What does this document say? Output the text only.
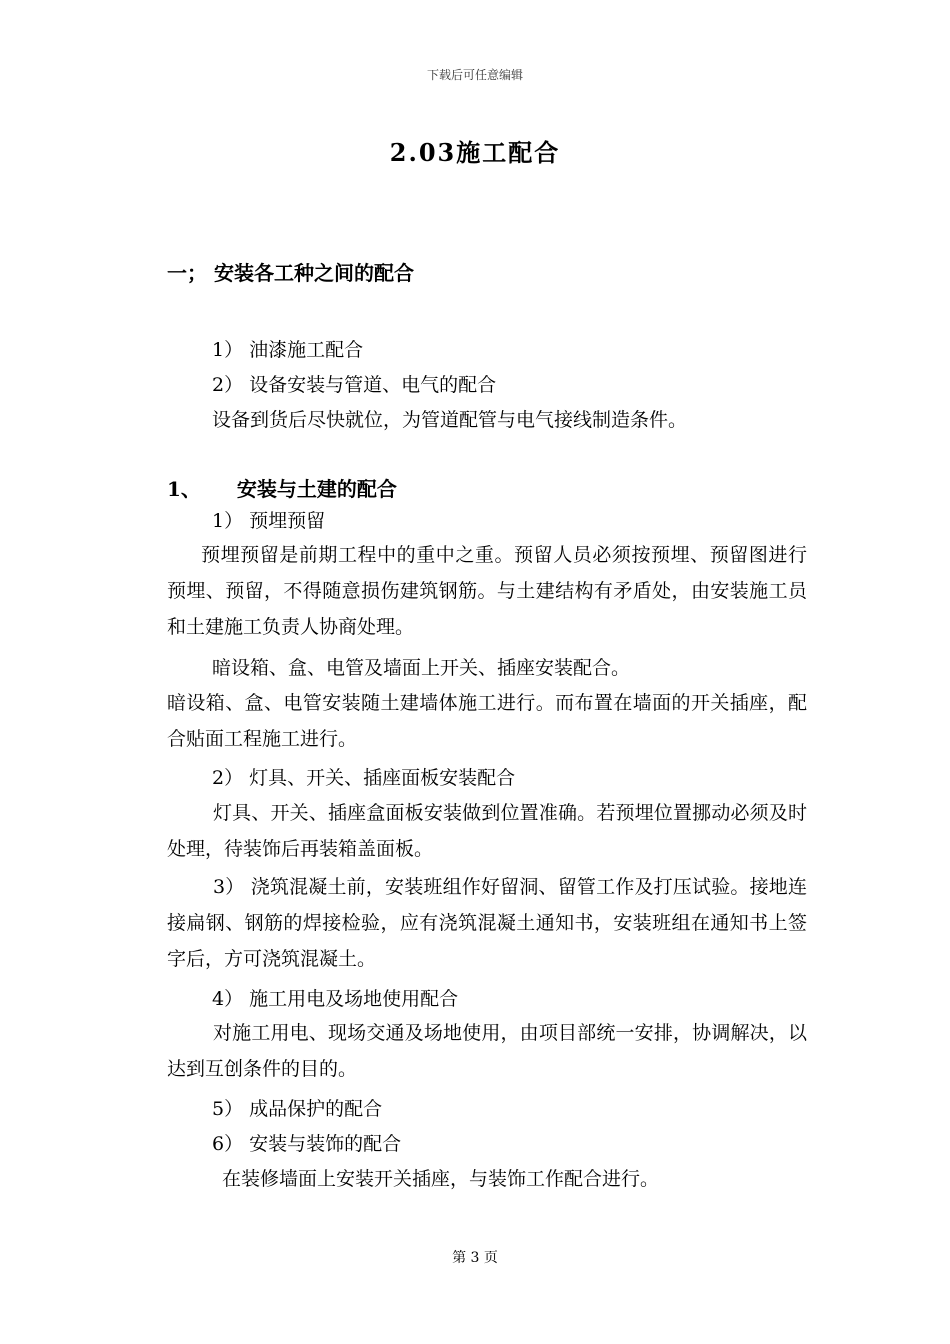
下载后可任意编辑
2.03施工配合
一； 安装各工种之间的配合
1） 油漆施工配合
2） 设备安装与管道、电气的配合
设备到货后尽快就位，为管道配管与电气接线制造条件。
1、 安装与土建的配合
1） 预埋预留
预埋预留是前期工程中的重中之重。预留人员必须按预埋、预留图进行预埋、预留，不得随意损伤建筑钢筋。与土建结构有矛盾处，由安装施工员和土建施工负责人协商处理。
暗设箱、盒、电管及墙面上开关、插座安装配合。
暗设箱、盒、电管安装随土建墙体施工进行。而布置在墙面的开关插座，配合贴面工程施工进行。
2） 灯具、开关、插座面板安装配合
灯具、开关、插座盒面板安装做到位置准确。若预埋位置挪动必须及时处理，待装饰后再装箱盖面板。
3） 浇筑混凝土前，安装班组作好留洞、留管工作及打压试验。接地连接扁钢、钢筋的焊接检验，应有浇筑混凝土通知书，安装班组在通知书上签字后，方可浇筑混凝土。
4） 施工用电及场地使用配合
对施工用电、现场交通及场地使用，由项目部统一安排，协调解决，以达到互创条件的目的。
5） 成品保护的配合
6） 安装与装饰的配合
在装修墙面上安装开关插座，与装饰工作配合进行。
第 3 页
